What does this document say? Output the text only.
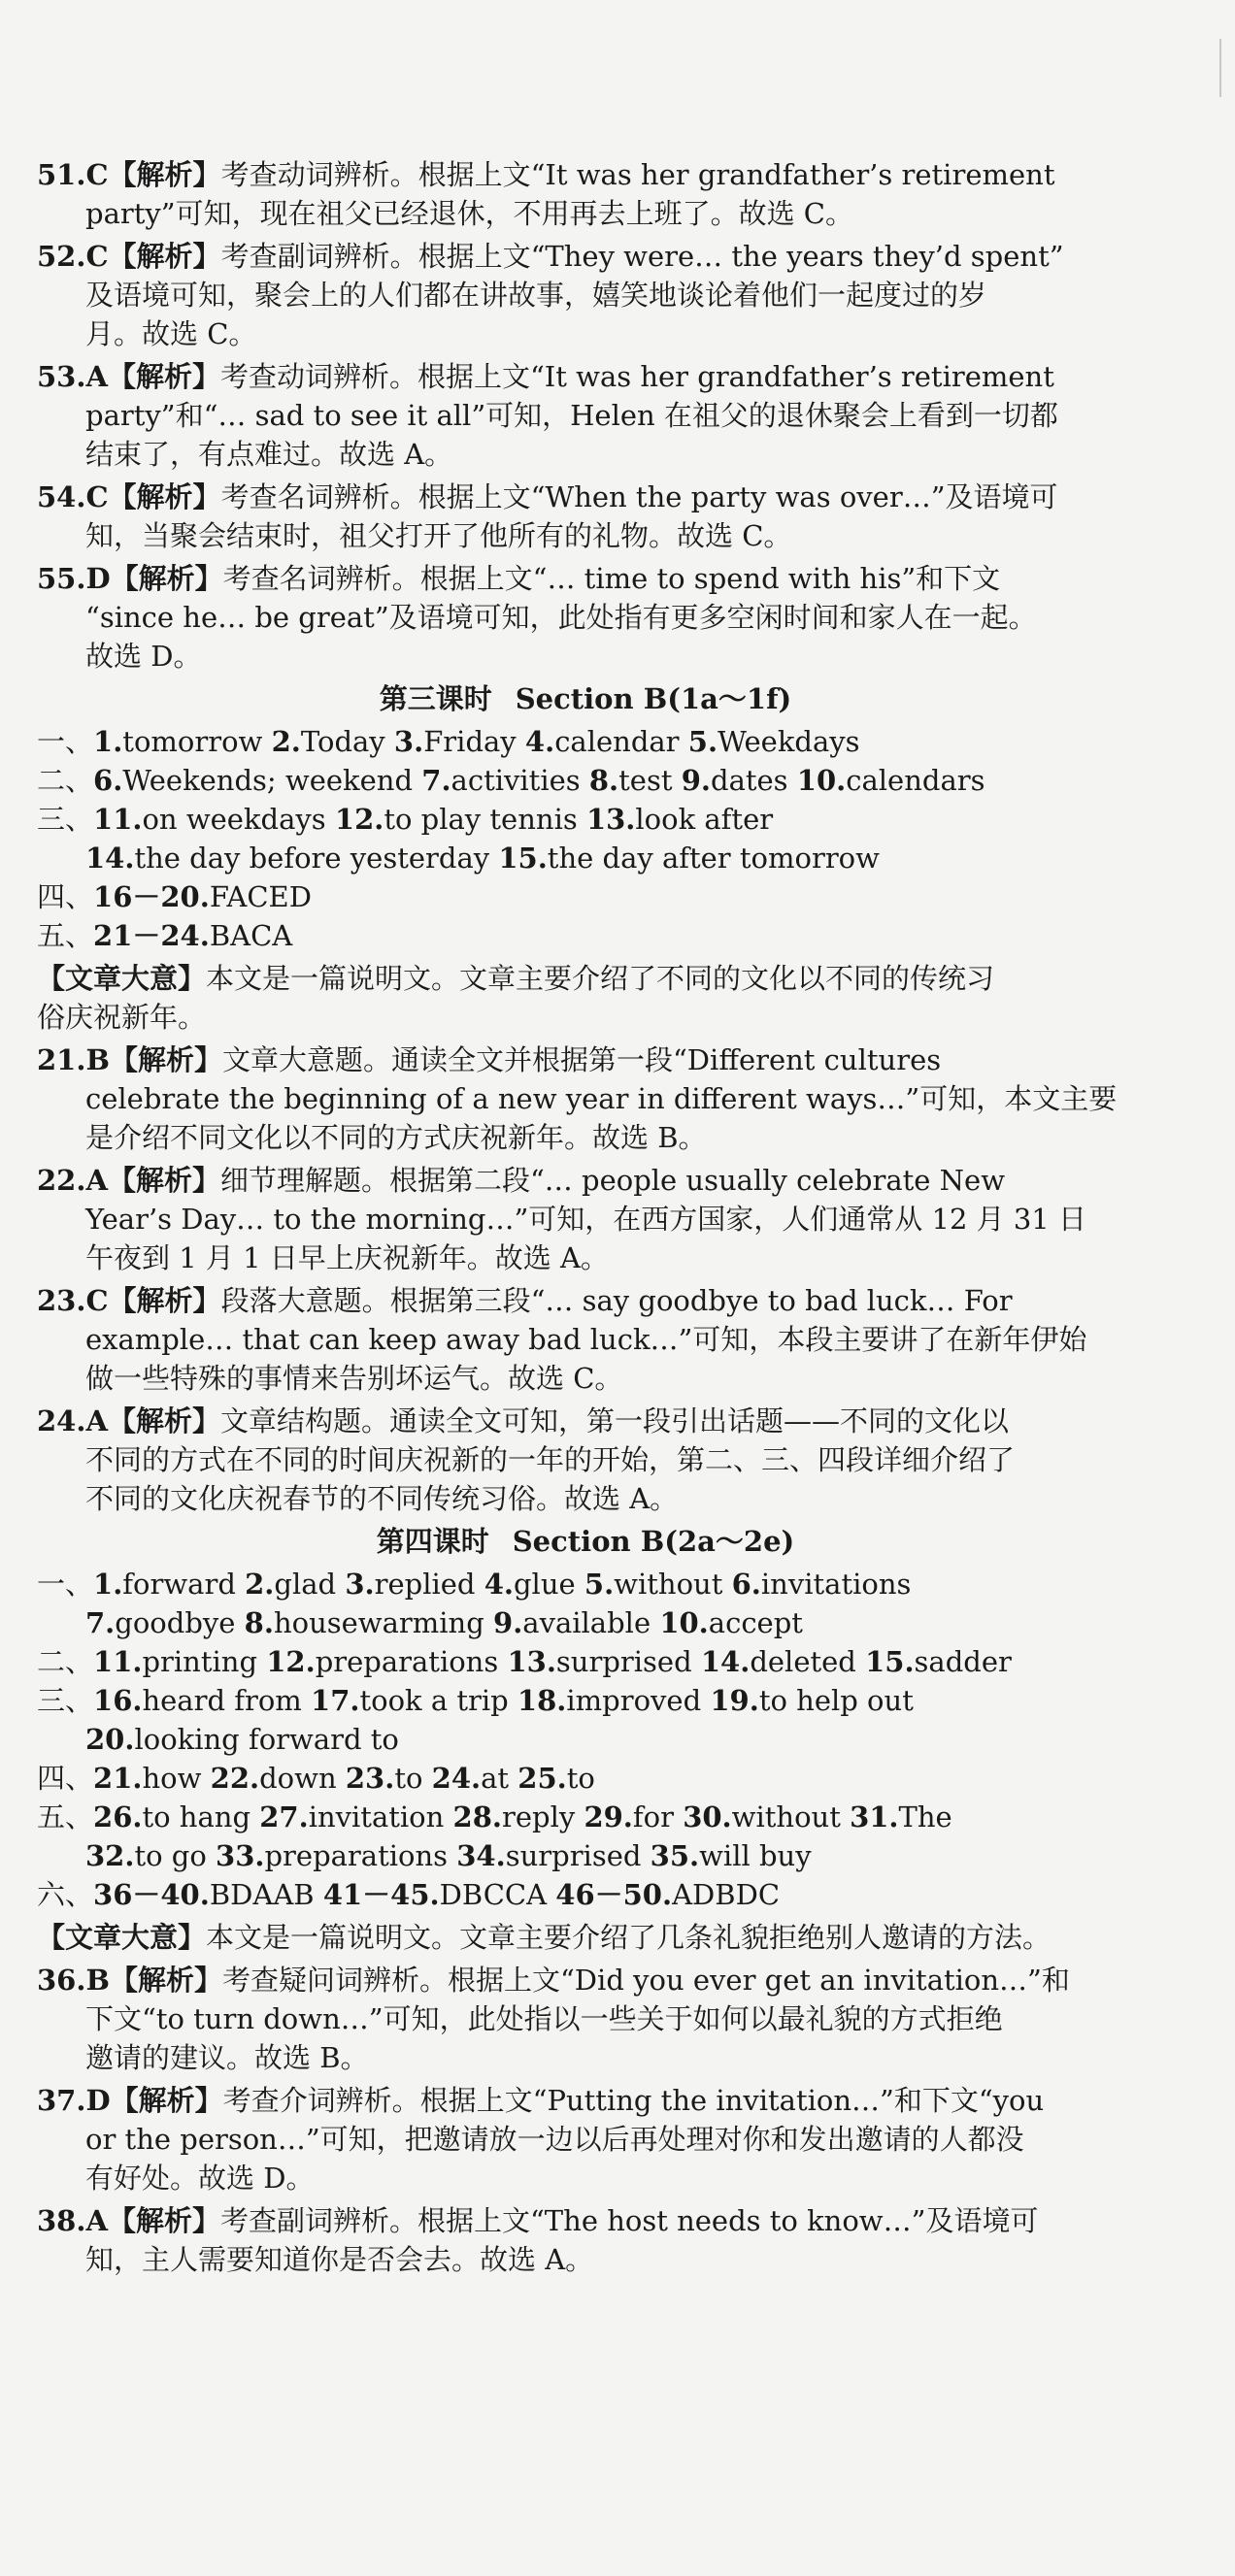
51.C【解析】考查动词辨析。根据上文“It was her grandfather’s retirement
party”可知，现在祖父已经退休，不用再去上班了。故选 C。
52.C【解析】考查副词辨析。根据上文“They were… the years they’d spent”
及语境可知，聚会上的人们都在讲故事，嬉笑地谈论着他们一起度过的岁
月。故选 C。
53.A【解析】考查动词辨析。根据上文“It was her grandfather’s retirement
party”和“… sad to see it all”可知，Helen 在祖父的退休聚会上看到一切都
结束了，有点难过。故选 A。
54.C【解析】考查名词辨析。根据上文“When the party was over…”及语境可
知，当聚会结束时，祖父打开了他所有的礼物。故选 C。
55.D【解析】考查名词辨析。根据上文“… time to spend with his”和下文
“since he… be great”及语境可知，此处指有更多空闲时间和家人在一起。
故选 D。
第三课时 Section B(1a～1f)
一、1.tomorrow 2.Today 3.Friday 4.calendar 5.Weekdays
二、6.Weekends; weekend 7.activities 8.test 9.dates 10.calendars
三、11.on weekdays 12.to play tennis 13.look after
14.the day before yesterday 15.the day after tomorrow
四、16－20.FACED
五、21－24.BACA
【文章大意】本文是一篇说明文。文章主要介绍了不同的文化以不同的传统习
俗庆祝新年。
21.B【解析】文章大意题。通读全文并根据第一段“Different cultures
celebrate the beginning of a new year in different ways…”可知，本文主要
是介绍不同文化以不同的方式庆祝新年。故选 B。
22.A【解析】细节理解题。根据第二段“… people usually celebrate New
Year’s Day… to the morning…”可知，在西方国家，人们通常从 12 月 31 日
午夜到 1 月 1 日早上庆祝新年。故选 A。
23.C【解析】段落大意题。根据第三段“… say goodbye to bad luck… For
example… that can keep away bad luck…”可知，本段主要讲了在新年伊始
做一些特殊的事情来告别坏运气。故选 C。
24.A【解析】文章结构题。通读全文可知，第一段引出话题——不同的文化以
不同的方式在不同的时间庆祝新的一年的开始，第二、三、四段详细介绍了
不同的文化庆祝春节的不同传统习俗。故选 A。
第四课时 Section B(2a～2e)
一、1.forward 2.glad 3.replied 4.glue 5.without 6.invitations
7.goodbye 8.housewarming 9.available 10.accept
二、11.printing 12.preparations 13.surprised 14.deleted 15.sadder
三、16.heard from 17.took a trip 18.improved 19.to help out
20.looking forward to
四、21.how 22.down 23.to 24.at 25.to
五、26.to hang 27.invitation 28.reply 29.for 30.without 31.The
32.to go 33.preparations 34.surprised 35.will buy
六、36－40.BDAAB 41－45.DBCCA 46－50.ADBDC
【文章大意】本文是一篇说明文。文章主要介绍了几条礼貌拒绝别人邀请的方法。
36.B【解析】考查疑问词辨析。根据上文“Did you ever get an invitation…”和
下文“to turn down…”可知，此处指以一些关于如何以最礼貌的方式拒绝
邀请的建议。故选 B。
37.D【解析】考查介词辨析。根据上文“Putting the invitation…”和下文“you
or the person…”可知，把邀请放一边以后再处理对你和发出邀请的人都没
有好处。故选 D。
38.A【解析】考查副词辨析。根据上文“The host needs to know…”及语境可
知，主人需要知道你是否会去。故选 A。
